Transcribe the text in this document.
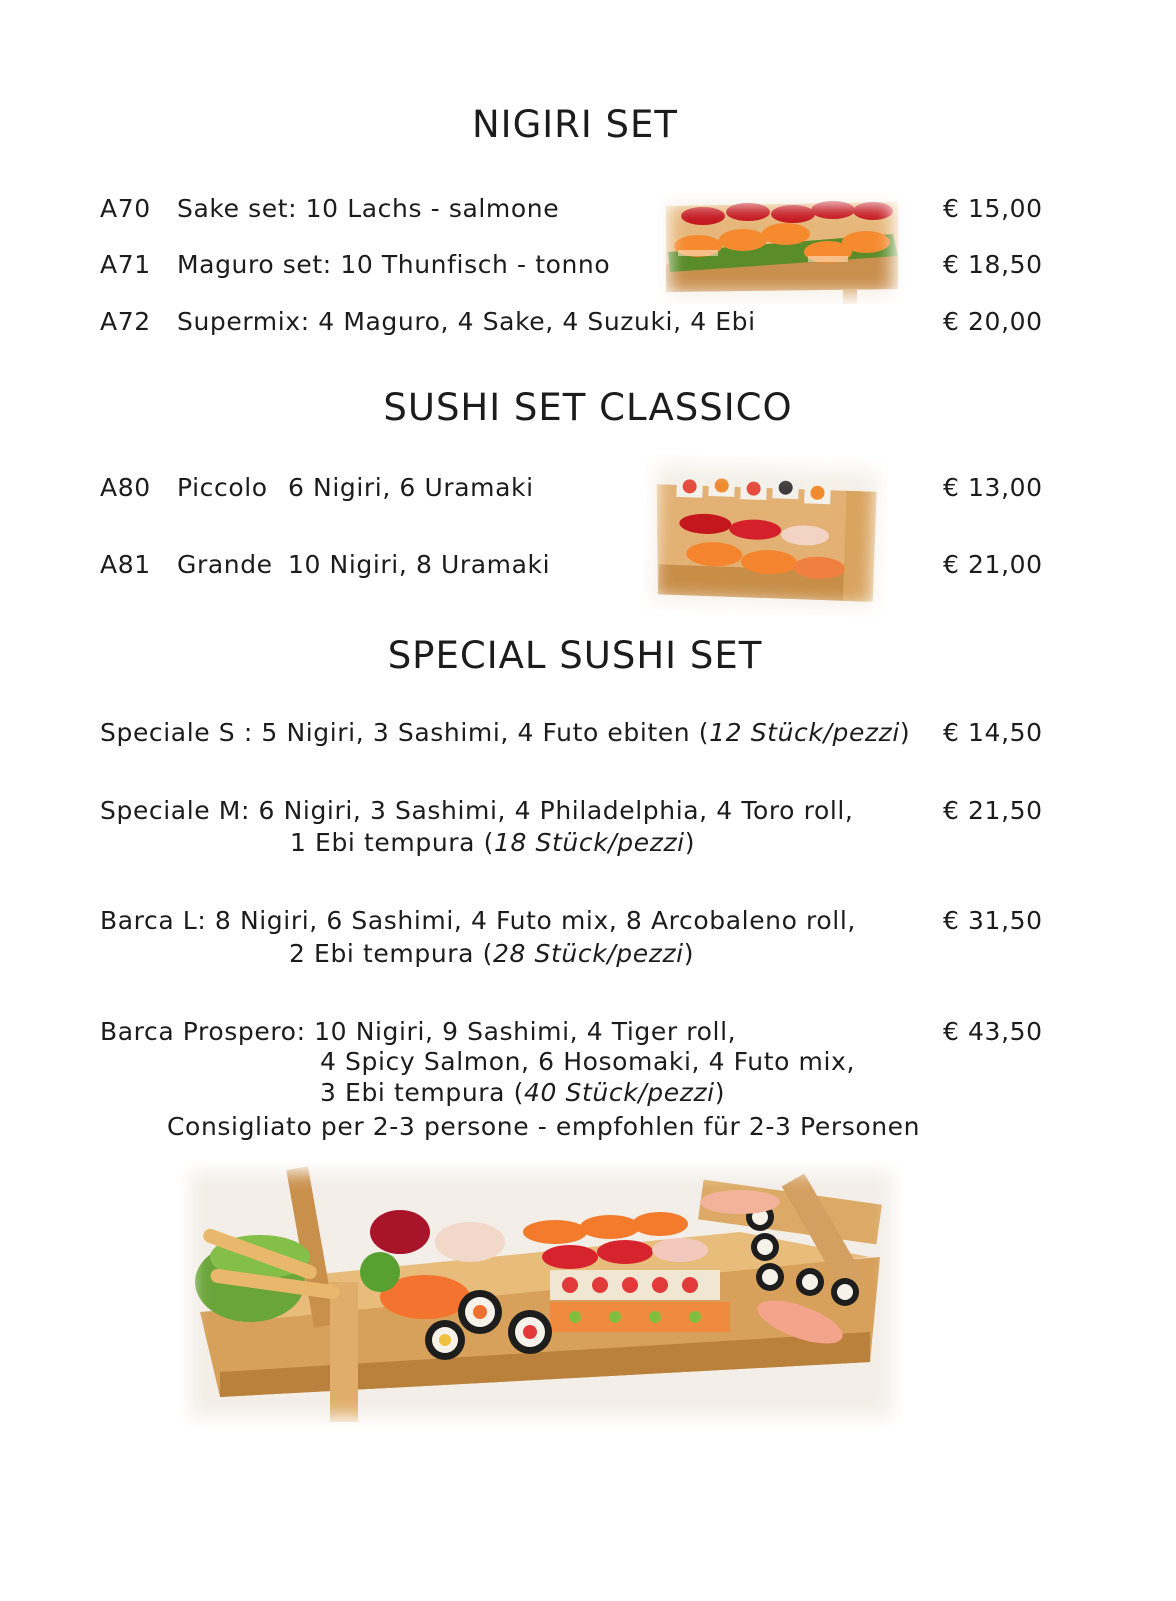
NIGIRI SET
A70 Sake set: 10 Lachs - salmone	€ 15,00
A71 Maguro set: 10 Thunfisch - tonno	€ 18,50
A72 Supermix: 4 Maguro, 4 Sake, 4 Suzuki, 4 Ebi	€ 20,00
SUSHI SET CLASSICO
A80 Piccolo 6 Nigiri, 6 Uramaki	€ 13,00
A81 Grande 10 Nigiri, 8 Uramaki	€ 21,00
SPECIAL SUSHI SET
Speciale S : 5 Nigiri, 3 Sashimi, 4 Futo ebiten (12 Stück/pezzi) € 14,50
Speciale M: 6 Nigiri, 3 Sashimi, 4 Philadelphia, 4 Toro roll,
1 Ebi tempura (18 Stück/pezzi)
€ 21,50
Barca L: 8 Nigiri, 6 Sashimi, 4 Futo mix, 8 Arcobaleno roll,
2 Ebi tempura (28 Stück/pezzi)
€ 31,50
Barca Prospero: 10 Nigiri, 9 Sashimi, 4 Tiger roll,
4 Spicy Salmon, 6 Hosomaki, 4 Futo mix,
3 Ebi tempura (40 Stück/pezzi)
Consigliato per 2-3 persone - empfohlen für 2-3 Personen
€ 43,50
